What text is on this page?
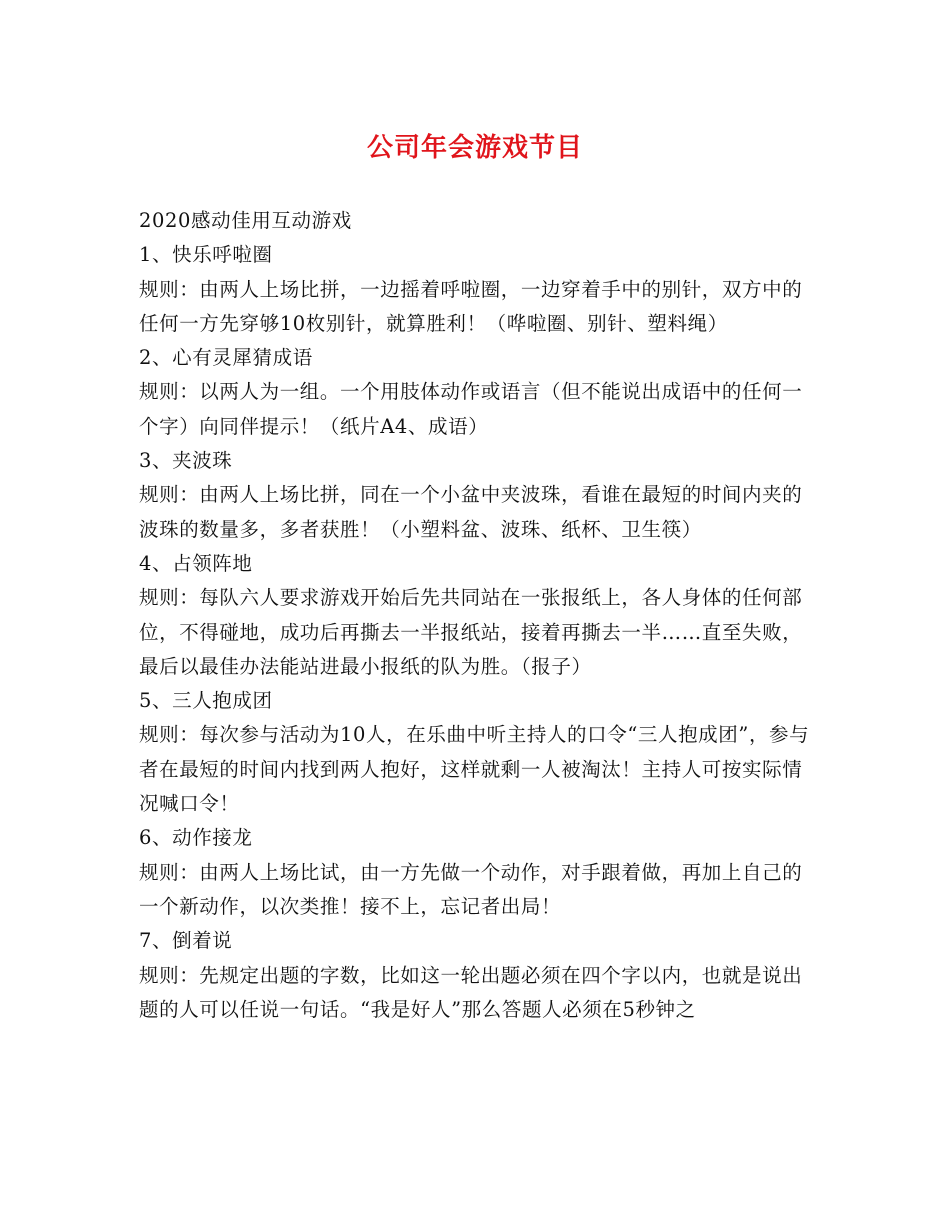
公司年会游戏节目

2020感动佳用互动游戏

1、快乐呼啦圈

规则：由两人上场比拼，一边摇着呼啦圈，一边穿着手中的别针，双方中的任何一方先穿够10枚别针，就算胜利！（哗啦圈、别针、塑料绳）

2、心有灵犀猜成语

规则：以两人为一组。一个用肢体动作或语言（但不能说出成语中的任何一个字）向同伴提示！（纸片A4、成语）

3、夹波珠

规则：由两人上场比拼，同在一个小盆中夹波珠，看谁在最短的时间内夹的波珠的数量多，多者获胜！（小塑料盆、波珠、纸杯、卫生筷）

4、占领阵地

规则：每队六人要求游戏开始后先共同站在一张报纸上，各人身体的任何部位，不得碰地，成功后再撕去一半报纸站，接着再撕去一半……直至失败，最后以最佳办法能站进最小报纸的队为胜。（报子）

5、三人抱成团

规则：每次参与活动为10人，在乐曲中听主持人的口令“三人抱成团”，参与者在最短的时间内找到两人抱好，这样就剩一人被淘汰！主持人可按实际情况喊口令！

6、动作接龙

规则：由两人上场比试，由一方先做一个动作，对手跟着做，再加上自己的一个新动作，以次类推！接不上，忘记者出局！

7、倒着说

规则：先规定出题的字数，比如这一轮出题必须在四个字以内，也就是说出题的人可以任说一句话。“我是好人”那么答题人必须在5秒钟之
